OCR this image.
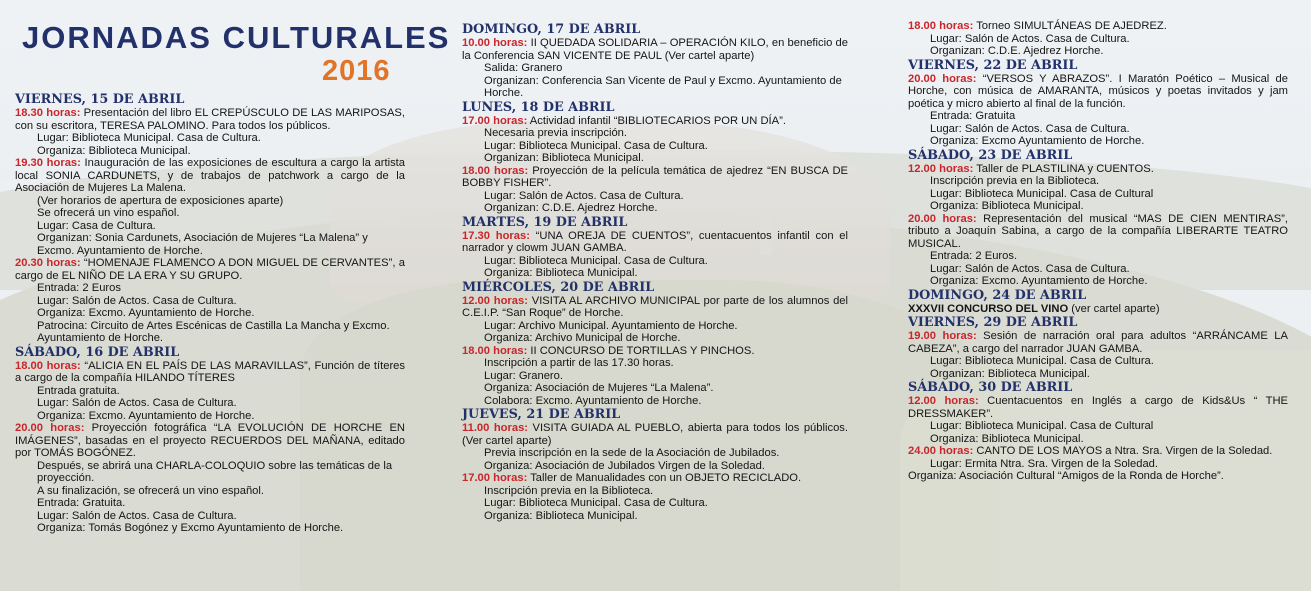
JORNADAS CULTURALES
2016
VIERNES, 15 DE ABRIL
18.30 horas: Presentación del libro EL CREPÚSCULO DE LAS MARIPOSAS, con su escritora, TERESA PALOMINO. Para todos los públicos.
Lugar: Biblioteca Municipal. Casa de Cultura.
Organiza: Biblioteca Municipal.
19.30 horas: Inauguración de las exposiciones de escultura a cargo la artista local SONIA CARDUNETS, y de trabajos de patchwork a cargo de la Asociación de Mujeres La Malena.
(Ver horarios de apertura de exposiciones aparte)
Se ofrecerá un vino español.
Lugar: Casa de Cultura.
Organizan: Sonia Cardunets, Asociación de Mujeres “La Malena” y Excmo. Ayuntamiento de Horche.
20.30 horas: “HOMENAJE FLAMENCO A DON MIGUEL DE CERVANTES”, a cargo de EL NIÑO DE LA ERA Y SU GRUPO.
Entrada: 2 Euros
Lugar: Salón de Actos. Casa de Cultura.
Organiza: Excmo. Ayuntamiento de Horche.
Patrocina: Circuito de Artes Escénicas de Castilla La Mancha y Excmo. Ayuntamiento de Horche.
SÁBADO, 16 DE ABRIL
18.00 horas: “ALICIA EN EL PAÍS DE LAS MARAVILLAS”, Función de títeres a cargo de la compañía HILANDO TÍTERES
Entrada gratuita.
Lugar: Salón de Actos. Casa de Cultura.
Organiza: Excmo. Ayuntamiento de Horche.
20.00 horas: Proyección fotográfica “LA EVOLUCIÓN DE HORCHE EN IMÁGENES”, basadas en el proyecto RECUERDOS DEL MAÑANA, editado por TOMÁS BOGÓNEZ.
Después, se abrirá una CHARLA-COLOQUIO sobre las temáticas de la proyección.
A su finalización, se ofrecerá un vino español.
Entrada: Gratuita.
Lugar: Salón de Actos. Casa de Cultura.
Organiza: Tomás Bogónez y Excmo Ayuntamiento de Horche.
DOMINGO, 17 DE ABRIL
10.00 horas: II QUEDADA SOLIDARIA – OPERACIÓN KILO, en beneficio de la Conferencia SAN VICENTE DE PAUL (Ver cartel aparte)
Salida: Granero
Organizan: Conferencia San Vicente de Paul y Excmo. Ayuntamiento de Horche.
LUNES, 18 DE ABRIL
17.00 horas: Actividad infantil “BIBLIOTECARIOS POR UN DÍA”.
Necesaria previa inscripción.
Lugar: Biblioteca Municipal. Casa de Cultura.
Organizan: Biblioteca Municipal.
18.00 horas: Proyección de la película temática de ajedrez “EN BUSCA DE BOBBY FISHER”.
Lugar: Salón de Actos. Casa de Cultura.
Organizan: C.D.E. Ajedrez Horche.
MARTES, 19 DE ABRIL
17.30 horas: “UNA OREJA DE CUENTOS”, cuentacuentos infantil con el narrador y clowm JUAN GAMBA.
Lugar: Biblioteca Municipal. Casa de Cultura.
Organiza: Biblioteca Municipal.
MIÉRCOLES, 20 DE ABRIL
12.00 horas: VISITA AL ARCHIVO MUNICIPAL por parte de los alumnos del C.E.I.P. “San Roque” de Horche.
Lugar: Archivo Municipal. Ayuntamiento de Horche.
Organiza: Archivo Municipal de Horche.
18.00 horas: II CONCURSO DE TORTILLAS Y PINCHOS.
Inscripción a partir de las 17.30 horas.
Lugar: Granero.
Organiza: Asociación de Mujeres “La Malena”.
Colabora: Excmo. Ayuntamiento de Horche.
JUEVES, 21 DE ABRIL
11.00 horas: VISITA GUIADA AL PUEBLO, abierta para todos los públicos. (Ver cartel aparte)
Previa inscripción en la sede de la Asociación de Jubilados.
Organiza: Asociación de Jubilados Virgen de la Soledad.
17.00 horas: Taller de Manualidades con un OBJETO RECICLADO.
Inscripción previa en la Biblioteca.
Lugar: Biblioteca Municipal. Casa de Cultura.
Organiza: Biblioteca Municipal.
18.00 horas: Torneo SIMULTÁNEAS DE AJEDREZ.
Lugar: Salón de Actos. Casa de Cultura.
Organizan: C.D.E. Ajedrez Horche.
VIERNES, 22 DE ABRIL
20.00 horas: “VERSOS Y ABRAZOS”. I Maratón Poético – Musical de Horche, con música de AMARANTA, músicos y poetas invitados y jam poética y micro abierto al final de la función.
Entrada: Gratuita
Lugar: Salón de Actos. Casa de Cultura.
Organiza: Excmo Ayuntamiento de Horche.
SÁBADO, 23 DE ABRIL
12.00 horas: Taller de PLASTILINA y CUENTOS.
Inscripción previa en la Biblioteca.
Lugar: Biblioteca Municipal. Casa de Cultural
Organiza: Biblioteca Municipal.
20.00 horas: Representación del musical “MAS DE CIEN MENTIRAS”, tributo a Joaquín Sabina, a cargo de la compañía LIBERARTE TEATRO MUSICAL.
Entrada: 2 Euros.
Lugar: Salón de Actos. Casa de Cultura.
Organiza: Excmo. Ayuntamiento de Horche.
DOMINGO, 24 DE ABRIL
XXXVII CONCURSO DEL VINO (ver cartel aparte)
VIERNES, 29 DE ABRIL
19.00 horas: Sesión de narración oral para adultos “ARRÁNCAME LA CABEZA”, a cargo del narrador JUAN GAMBA.
Lugar: Biblioteca Municipal. Casa de Cultura.
Organizan: Biblioteca Municipal.
SÁBADO, 30 DE ABRIL
12.00 horas: Cuentacuentos en Inglés a cargo de Kids&Us “ THE DRESSMAKER”.
Lugar: Biblioteca Municipal. Casa de Cultural
Organiza: Biblioteca Municipal.
24.00 horas: CANTO DE LOS MAYOS a Ntra. Sra. Virgen de la Soledad.
Lugar: Ermita Ntra. Sra. Virgen de la Soledad.
Organiza: Asociación Cultural “Amigos de la Ronda de Horche”.
